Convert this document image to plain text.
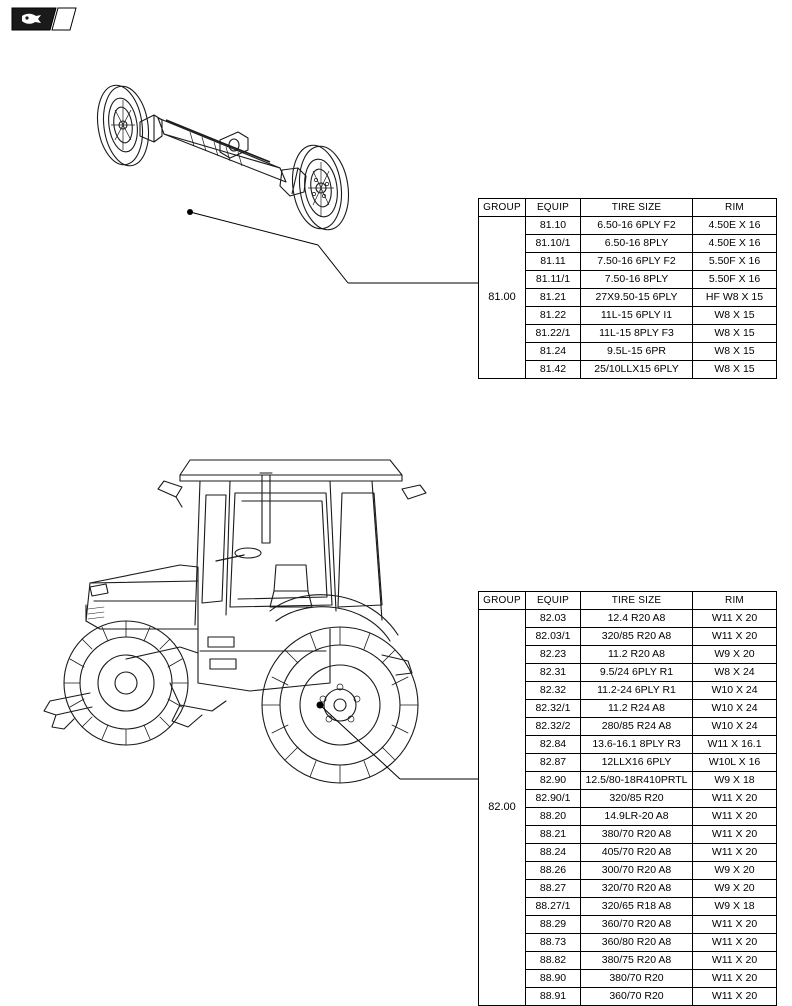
GROUP	EQUIP	TIRE SIZE	RIM
81.00	81.10	6.50-16 6PLY F2	4.50E X 16
	81.10/1	6.50-16 8PLY	4.50E X 16
	81.11	7.50-16 6PLY F2	5.50F X 16
	81.11/1	7.50-16 8PLY	5.50F X 16
	81.21	27X9.50-15 6PLY	HF W8 X 15
	81.22	11L-15 6PLY I1	W8 X 15
	81.22/1	11L-15 8PLY F3	W8 X 15
	81.24	9.5L-15 6PR	W8 X 15
	81.42	25/10LLX15 6PLY	W8 X 15
GROUP	EQUIP	TIRE SIZE	RIM
82.00	82.03	12.4 R20 A8	W11 X 20
	82.03/1	320/85 R20 A8	W11 X 20
	82.23	11.2 R20 A8	W9 X 20
	82.31	9.5/24 6PLY R1	W8 X 24
	82.32	11.2-24 6PLY R1	W10 X 24
	82.32/1	11.2 R24 A8	W10 X 24
	82.32/2	280/85 R24 A8	W10 X 24
	82.84	13.6-16.1 8PLY R3	W11 X 16.1
	82.87	12LLX16 6PLY	W10L X 16
	82.90	12.5/80-18R410PRTL	W9 X 18
	82.90/1	320/85 R20	W11 X 20
	88.20	14.9LR-20 A8	W11 X 20
	88.21	380/70 R20 A8	W11 X 20
	88.24	405/70 R20 A8	W11 X 20
	88.26	300/70 R20 A8	W9 X 20
	88.27	320/70 R20 A8	W9 X 20
	88.27/1	320/65 R18 A8	W9 X 18
	88.29	360/70 R20 A8	W11 X 20
	88.73	360/80 R20 A8	W11 X 20
	88.82	380/75 R20 A8	W11 X 20
	88.90	380/70 R20	W11 X 20
	88.91	360/70 R20	W11 X 20
